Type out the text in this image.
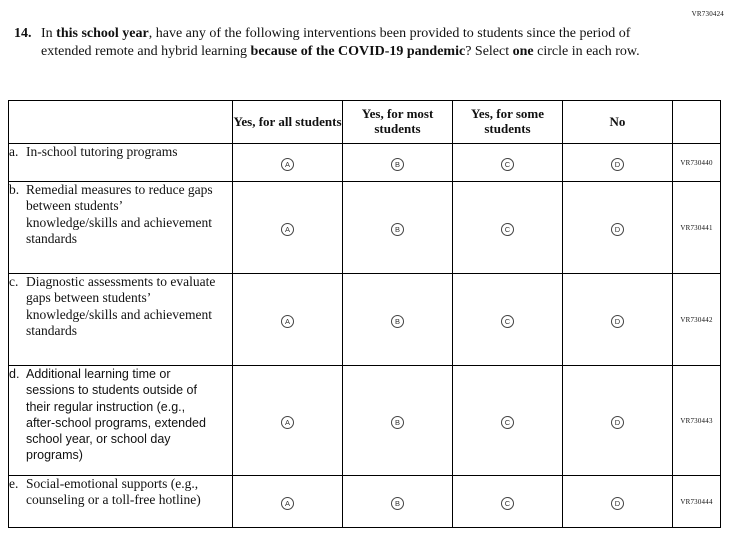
VR730424
14. In this school year, have any of the following interventions been provided to students since the period of extended remote and hybrid learning because of the COVID-19 pandemic? Select one circle in each row.
	Yes, for all students	Yes, for most students	Yes, for some students	No	

a. In-school tutoring programs	A	B	C	D	VR730440

b. Remedial measures to reduce gaps between students’ knowledge/skills and achievement standards	A	B	C	D	VR730441

c. Diagnostic assessments to evaluate gaps between students’ knowledge/skills and achievement standards	A	B	C	D	VR730442

d. Additional learning time or sessions to students outside of their regular instruction (e.g., after-school programs, extended school year, or school day programs)	A	B	C	D	VR730443

e. Social-emotional supports (e.g., counseling or a toll-free hotline)	A	B	C	D	VR730444
